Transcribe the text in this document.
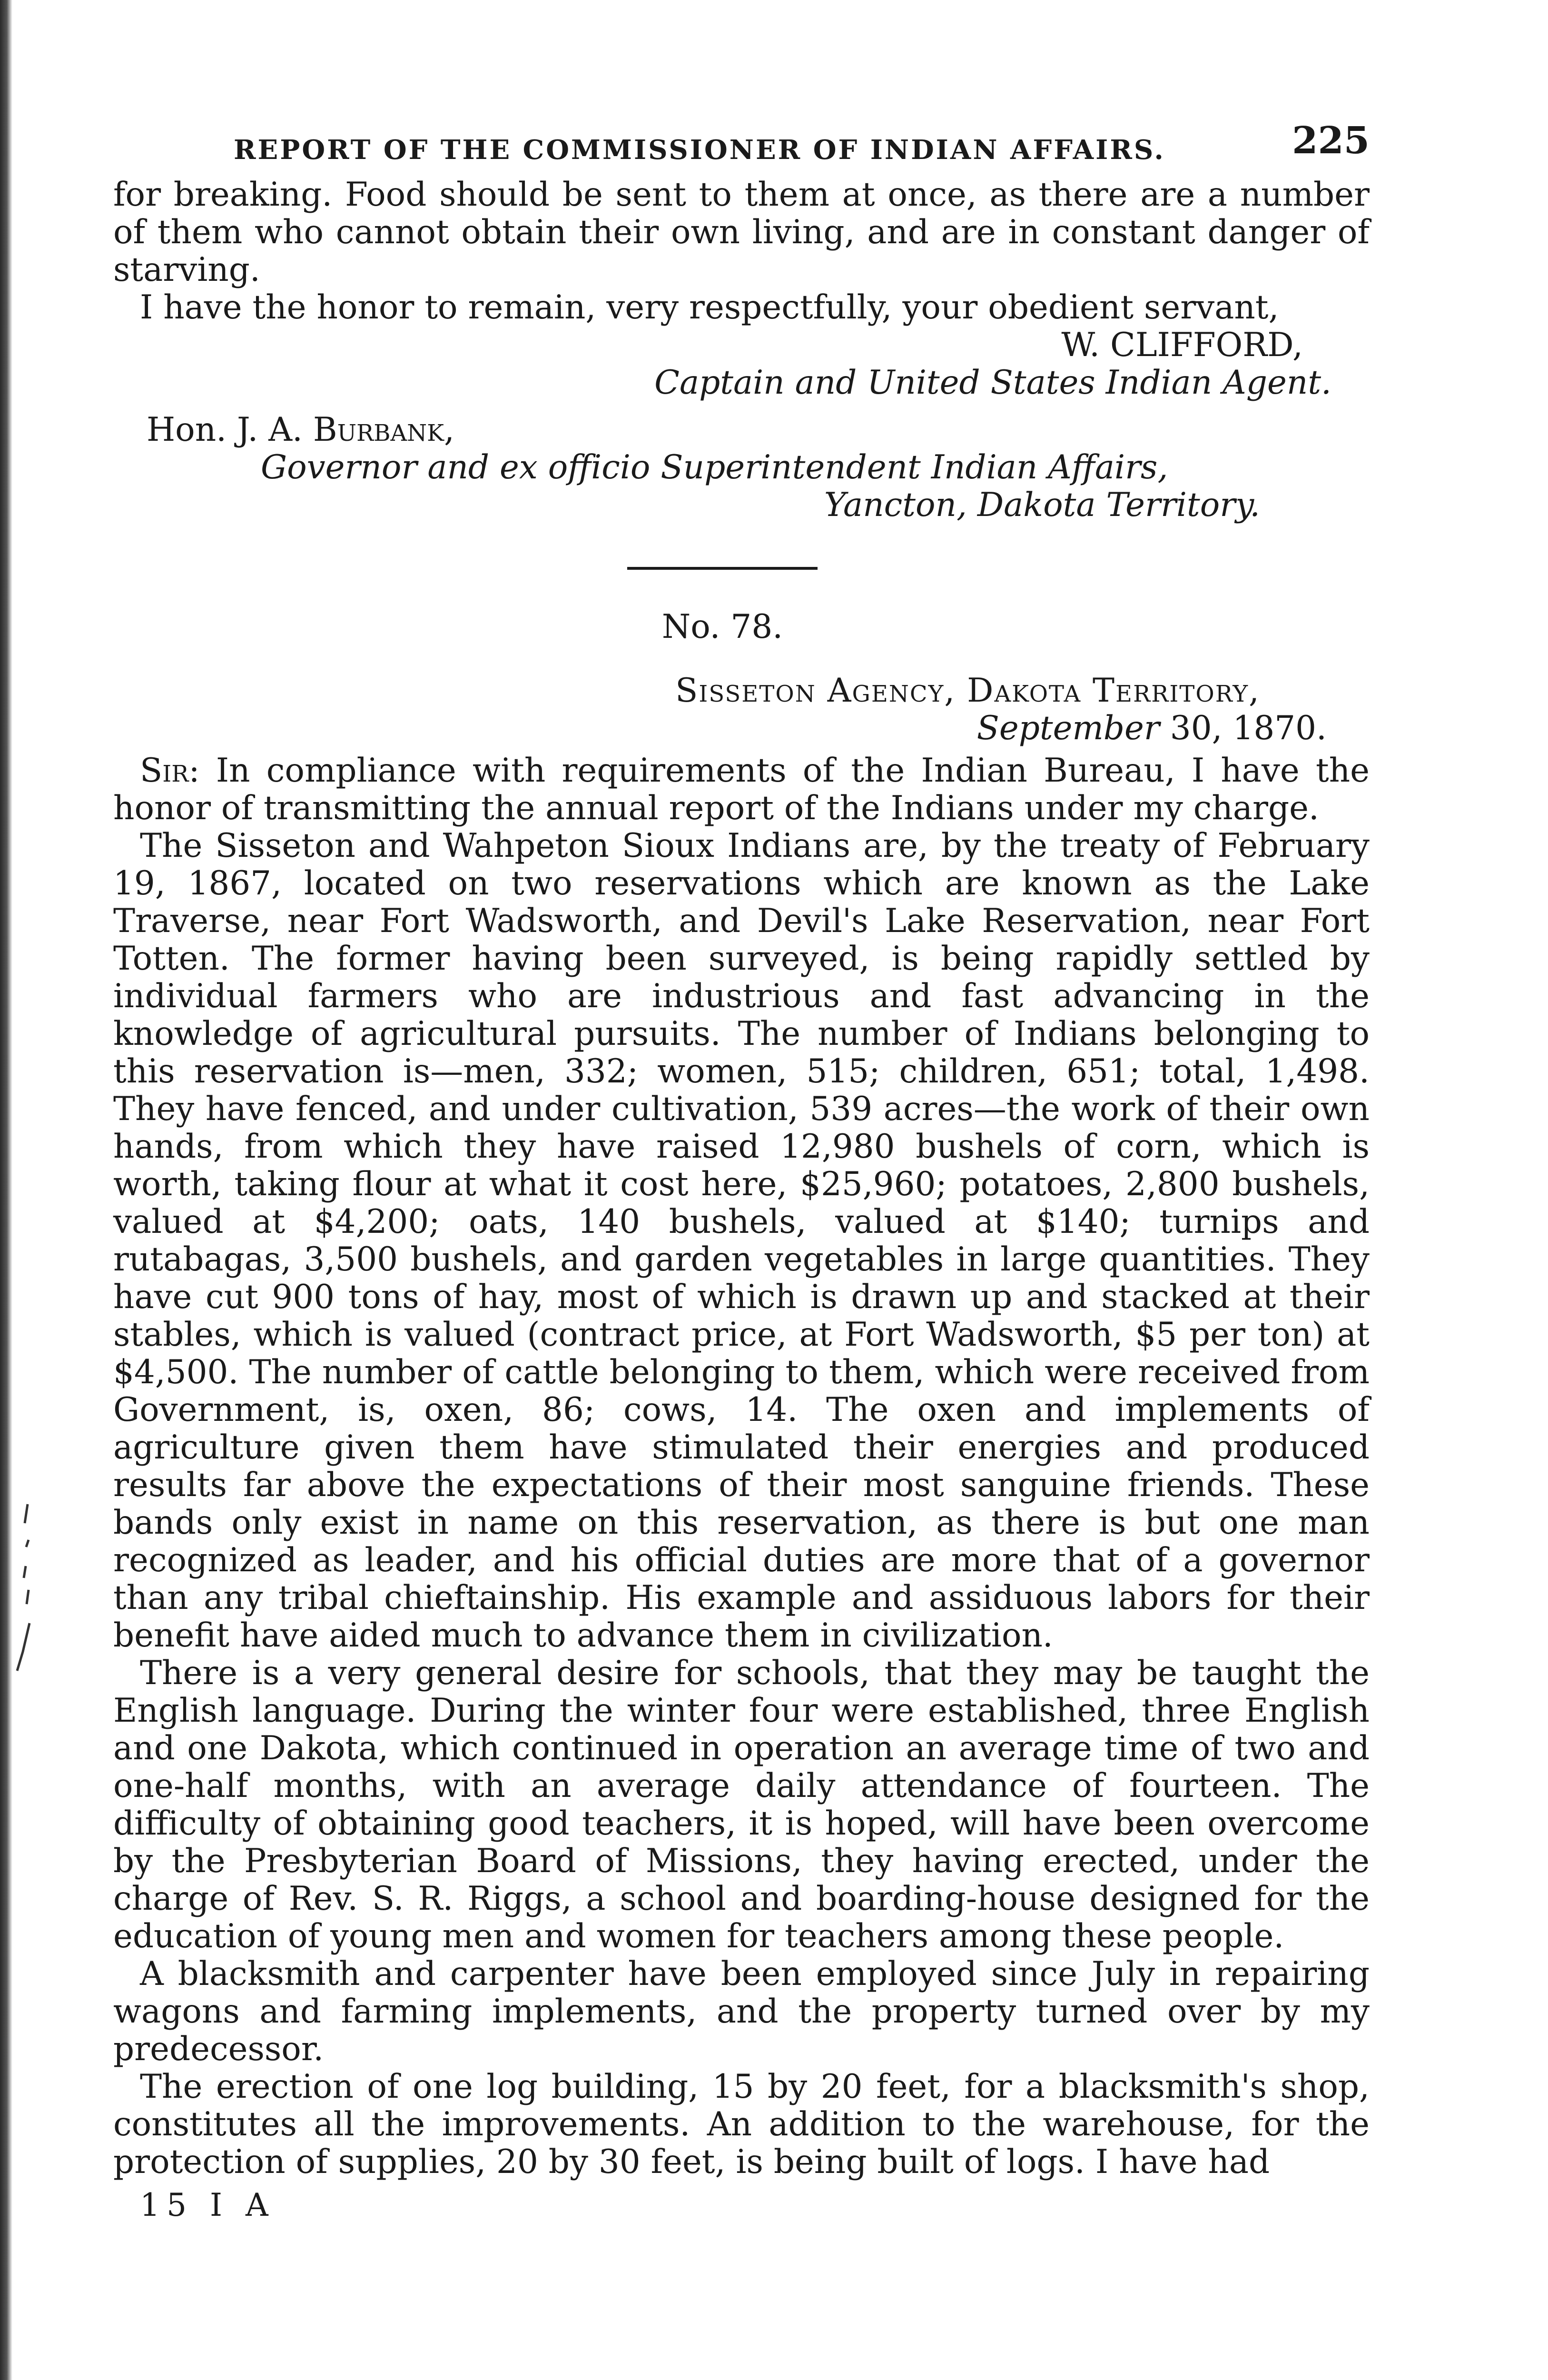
REPORT OF THE COMMISSIONER OF INDIAN AFFAIRS.	225

for breaking. Food should be sent to them at once, as there are a number of them who cannot obtain their own living, and are in constant danger of starving.

I have the honor to remain, very respectfully, your obedient servant,

W. CLIFFORD,
Captain and United States Indian Agent.
Hon. J. A. Burbank,
Governor and ex officio Superintendent Indian Affairs,
Yancton, Dakota Territory.
No. 78.
Sisseton Agency, Dakota Territory,
September 30, 1870.

Sir: In compliance with requirements of the Indian Bureau, I have the honor of transmitting the annual report of the Indians under my charge.

The Sisseton and Wahpeton Sioux Indians are, by the treaty of February 19, 1867, located on two reservations which are known as the Lake Traverse, near Fort Wadsworth, and Devil's Lake Reservation, near Fort Totten. The former having been surveyed, is being rapidly settled by individual farmers who are industrious and fast advancing in the knowledge of agricultural pursuits. The number of Indians belonging to this reservation is—men, 332; women, 515; children, 651; total, 1,498. They have fenced, and under cultivation, 539 acres—the work of their own hands, from which they have raised 12,980 bushels of corn, which is worth, taking flour at what it cost here, $25,960; potatoes, 2,800 bushels, valued at $4,200; oats, 140 bushels, valued at $140; turnips and rutabagas, 3,500 bushels, and garden vegetables in large quantities. They have cut 900 tons of hay, most of which is drawn up and stacked at their stables, which is valued (contract price, at Fort Wadsworth, $5 per ton) at $4,500. The number of cattle belonging to them, which were received from Government, is, oxen, 86; cows, 14. The oxen and implements of agriculture given them have stimulated their energies and produced results far above the expectations of their most sanguine friends. These bands only exist in name on this reservation, as there is but one man recognized as leader, and his official duties are more that of a governor than any tribal chieftainship. His example and assiduous labors for their benefit have aided much to advance them in civilization.

There is a very general desire for schools, that they may be taught the English language. During the winter four were established, three English and one Dakota, which continued in operation an average time of two and one-half months, with an average daily attendance of fourteen. The difficulty of obtaining good teachers, it is hoped, will have been overcome by the Presbyterian Board of Missions, they having erected, under the charge of Rev. S. R. Riggs, a school and boarding-house designed for the education of young men and women for teachers among these people.

A blacksmith and carpenter have been employed since July in repairing wagons and farming implements, and the property turned over by my predecessor.

The erection of one log building, 15 by 20 feet, for a blacksmith's shop, constitutes all the improvements. An addition to the warehouse, for the protection of supplies, 20 by 30 feet, is being built of logs. I have had

15 I A
